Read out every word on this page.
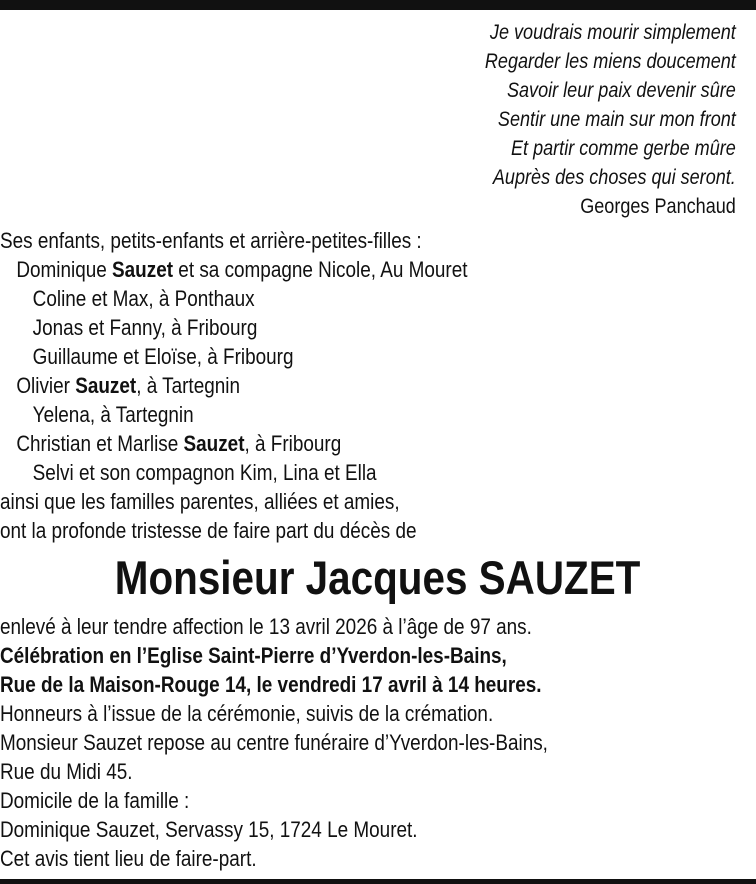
Je voudrais mourir simplement
Regarder les miens doucement
Savoir leur paix devenir sûre
Sentir une main sur mon front
Et partir comme gerbe mûre
Auprès des choses qui seront.
Georges Panchaud
Ses enfants, petits-enfants et arrière-petites-filles :
Dominique Sauzet et sa compagne Nicole, Au Mouret
Coline et Max, à Ponthaux
Jonas et Fanny, à Fribourg
Guillaume et Eloïse, à Fribourg
Olivier Sauzet, à Tartegnin
Yelena, à Tartegnin
Christian et Marlise Sauzet, à Fribourg
Selvi et son compagnon Kim, Lina et Ella
ainsi que les familles parentes, alliées et amies,
ont la profonde tristesse de faire part du décès de
Monsieur Jacques SAUZET
enlevé à leur tendre affection le 13 avril 2026 à l’âge de 97 ans.
Célébration en l’Eglise Saint-Pierre d’Yverdon-les-Bains,
Rue de la Maison-Rouge 14, le vendredi 17 avril à 14 heures.
Honneurs à l’issue de la cérémonie, suivis de la crémation.
Monsieur Sauzet repose au centre funéraire d’Yverdon-les-Bains,
Rue du Midi 45.
Domicile de la famille :
Dominique Sauzet, Servassy 15, 1724 Le Mouret.
Cet avis tient lieu de faire-part.
